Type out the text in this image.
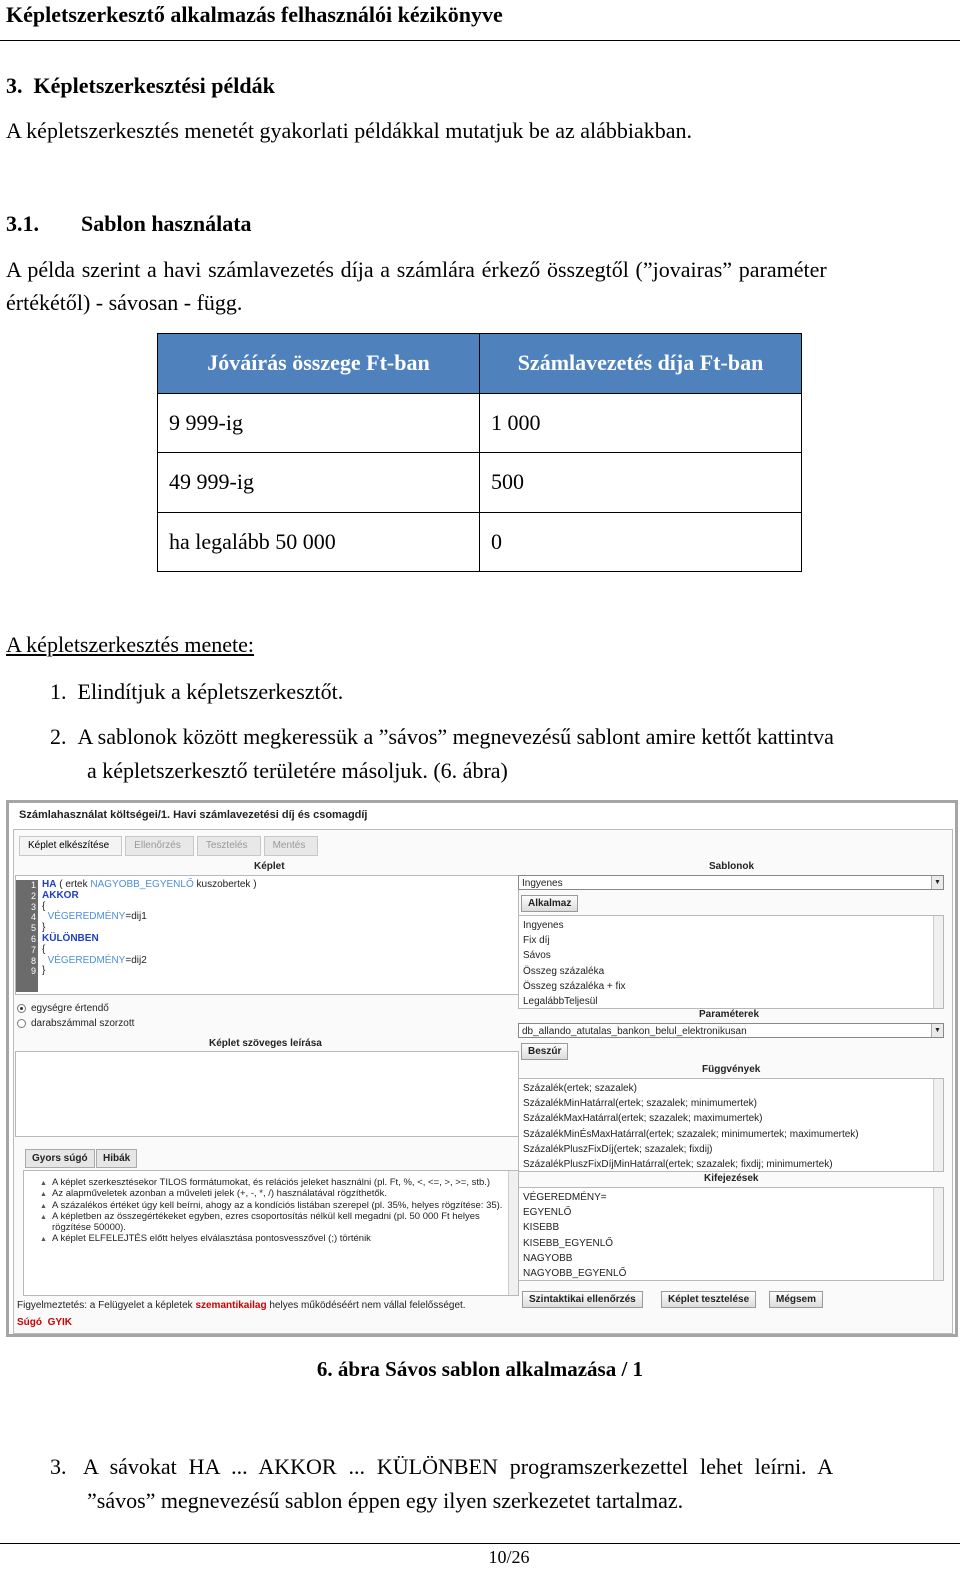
Képletszerkesztő alkalmazás felhasználói kézikönyve
3. Képletszerkesztési példák
A képletszerkesztés menetét gyakorlati példákkal mutatjuk be az alábbiakban.
3.1. Sablon használata
A példa szerint a havi számlavezetés díja a számlára érkező összegtől (”jovairas” paraméter
értékétől) - sávosan - függ.
Jóváírás összege Ft-ban	Számlavezetés díja Ft-ban
9 999-ig	1 000
49 999-ig	500
ha legalább 50 000	0
A képletszerkesztés menete:
1. Elindítjuk a képletszerkesztőt.
2. A sablonok között megkeressük a ”sávos” megnevezésű sablont amire kettőt kattintva
a képletszerkesztő területére másoljuk. (6. ábra)
Számlahasználat költségei/1. Havi számlavezetési díj és csomagdíj
Képlet elkészítése	Ellenőrzés	Tesztelés	Mentés
Képlet
1
2
3
4
5
6
7
8
9
HA ( ertek NAGYOBB_EGYENLŐ kuszobertek )
AKKOR
{
VÉGEREDMÉNY=dij1
}
KÜLÖNBEN
{
VÉGEREDMÉNY=dij2
}
egységre értendő
darabszámmal szorzott
Képlet szöveges leírása
Gyors súgó	Hibák
▲ A képlet szerkesztésekor TILOS formátumokat, és relációs jeleket használni (pl. Ft, %, <, <=, >, >=, stb.)
▲ Az alapműveletek azonban a műveleti jelek (+, -, *, /) használatával rögzíthetők.
▲ A százalékos értéket úgy kell beírni, ahogy az a kondíciós listában szerepel (pl. 35%, helyes rögzítése: 35).
▲ A képletben az összegértékeket egyben, ezres csoportosítás nélkül kell megadni (pl. 50 000 Ft helyes rögzítése 50000).
▲ A képlet ELFELEJTÉS előtt helyes elválasztása pontosvesszővel (;) történik
Figyelmeztetés: a Felügyelet a képletek szemantikailag helyes működéséért nem vállal felelősséget.
Súgó GYIK
Sablonok
Ingyenes	▼
Alkalmaz
Ingyenes
Fix díj
Sávos
Összeg százaléka
Összeg százaléka + fix
LegalábbTeljesül
Paraméterek
db_allando_atutalas_bankon_belul_elektronikusan	▼
Beszúr
Függvények
Százalék(ertek; szazalek)
SzázalékMinHatárral(ertek; szazalek; minimumertek)
SzázalékMaxHatárral(ertek; szazalek; maximumertek)
SzázalékMinÉsMaxHatárral(ertek; szazalek; minimumertek; maximumertek)
SzázalékPluszFixDíj(ertek; szazalek; fixdij)
SzázalékPluszFixDíjMinHatárral(ertek; szazalek; fixdij; minimumertek)
Kifejezések
VÉGEREDMÉNY=
EGYENLŐ
KISEBB
KISEBB_EGYENLŐ
NAGYOBB
NAGYOBB_EGYENLŐ
Szintaktikai ellenőrzés	Képlet tesztelése	Mégsem
6. ábra Sávos sablon alkalmazása / 1
3. A sávokat HA ... AKKOR ... KÜLÖNBEN programszerkezettel lehet leírni. A
”sávos” megnevezésű sablon éppen egy ilyen szerkezetet tartalmaz.
10/26
